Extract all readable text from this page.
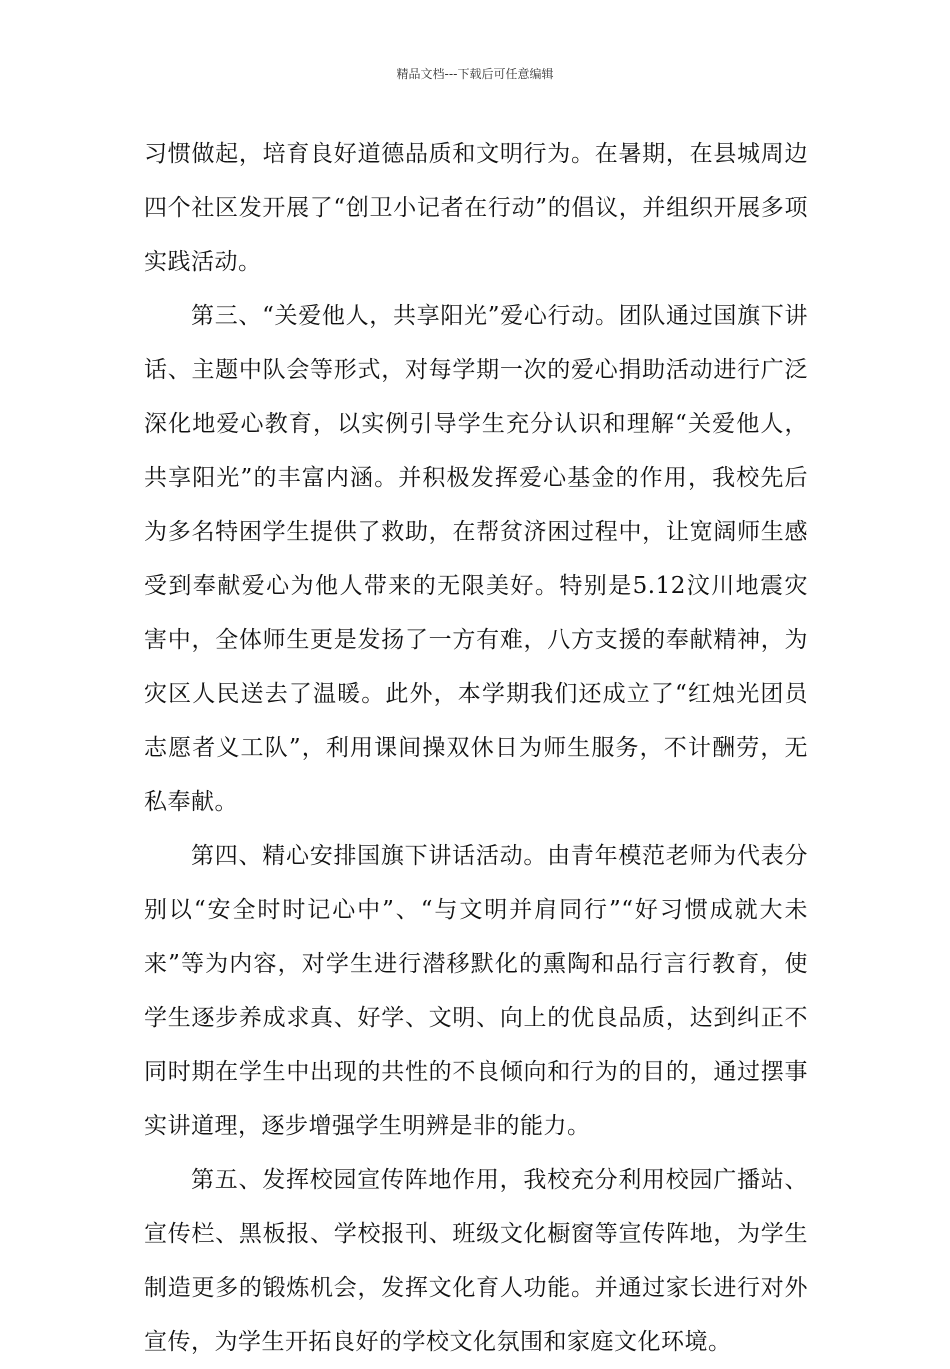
精品文档---下载后可任意编辑

习惯做起，培育良好道德品质和文明行为。在暑期，在县城周边四个社区发开展了“创卫小记者在行动”的倡议，并组织开展多项实践活动。

第三、“关爱他人，共享阳光”爱心行动。团队通过国旗下讲话、主题中队会等形式，对每学期一次的爱心捐助活动进行广泛深化地爱心教育，以实例引导学生充分认识和理解“关爱他人，共享阳光”的丰富内涵。并积极发挥爱心基金的作用，我校先后为多名特困学生提供了救助，在帮贫济困过程中，让宽阔师生感受到奉献爱心为他人带来的无限美好。特别是5.12汶川地震灾害中，全体师生更是发扬了一方有难，八方支援的奉献精神，为灾区人民送去了温暖。此外，本学期我们还成立了“红烛光团员志愿者义工队”，利用课间操双休日为师生服务，不计酬劳，无私奉献。

第四、精心安排国旗下讲话活动。由青年模范老师为代表分别以“安全时时记心中”、“与文明并肩同行”“好习惯成就大未来”等为内容，对学生进行潜移默化的熏陶和品行言行教育，使学生逐步养成求真、好学、文明、向上的优良品质，达到纠正不同时期在学生中出现的共性的不良倾向和行为的目的，通过摆事实讲道理，逐步增强学生明辨是非的能力。

第五、发挥校园宣传阵地作用，我校充分利用校园广播站、宣传栏、黑板报、学校报刊、班级文化橱窗等宣传阵地，为学生制造更多的锻炼机会，发挥文化育人功能。并通过家长进行对外宣传，为学生开拓良好的学校文化氛围和家庭文化环境。
